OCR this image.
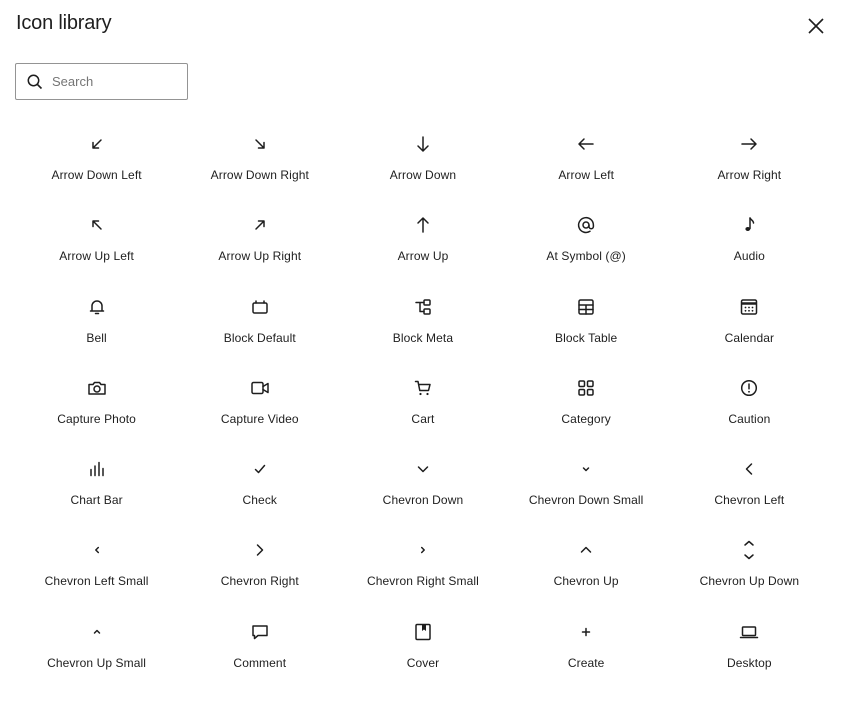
Icon library
Search
Arrow Down Left	Arrow Down Right	Arrow Down	Arrow Left	Arrow Right
Arrow Up Left	Arrow Up Right	Arrow Up	At Symbol (@)	Audio
Bell	Block Default	Block Meta	Block Table	Calendar
Capture Photo	Capture Video	Cart	Category	Caution
Chart Bar	Check	Chevron Down	Chevron Down Small	Chevron Left
Chevron Left Small	Chevron Right	Chevron Right Small	Chevron Up	Chevron Up Down
Chevron Up Small	Comment	Cover	Create	Desktop
